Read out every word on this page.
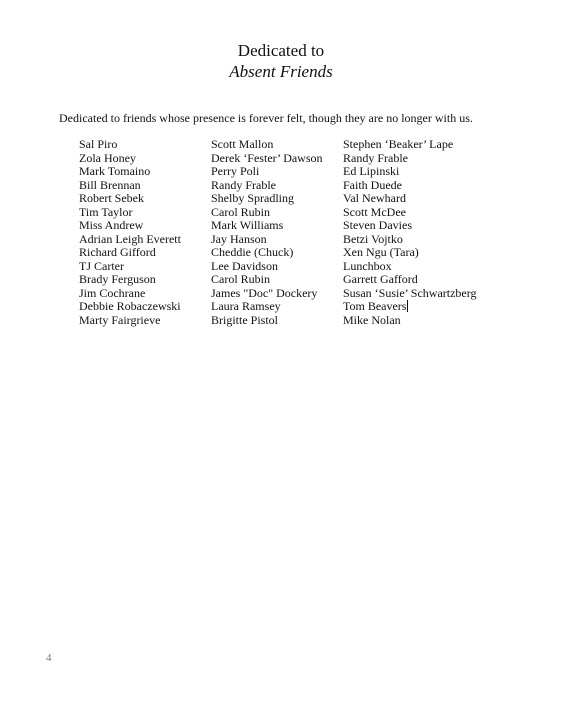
Dedicated to
Absent Friends
Dedicated to friends whose presence is forever felt, though they are no longer with us.
Sal Piro
Zola Honey
Mark Tomaino
Bill Brennan
Robert Sebek
Tim Taylor
Miss Andrew
Adrian Leigh Everett
Richard Gifford
TJ Carter
Brady Ferguson
Jim Cochrane
Debbie Robaczewski
Marty Fairgrieve
Scott Mallon
Derek ‘Fester’ Dawson
Perry Poli
Randy Frable
Shelby Spradling
Carol Rubin
Mark Williams
Jay Hanson
Cheddie (Chuck)
Lee Davidson
Carol Rubin
James "Doc" Dockery
Laura Ramsey
Brigitte Pistol
Stephen ‘Beaker’ Lape
Randy Frable
Ed Lipinski
Faith Duede
Val Newhard
Scott McDee
Steven Davies
Betzi Vojtko
Xen Ngu (Tara)
Lunchbox
Garrett Gafford
Susan ‘Susie’ Schwartzberg
Tom Beavers
Mike Nolan
4
